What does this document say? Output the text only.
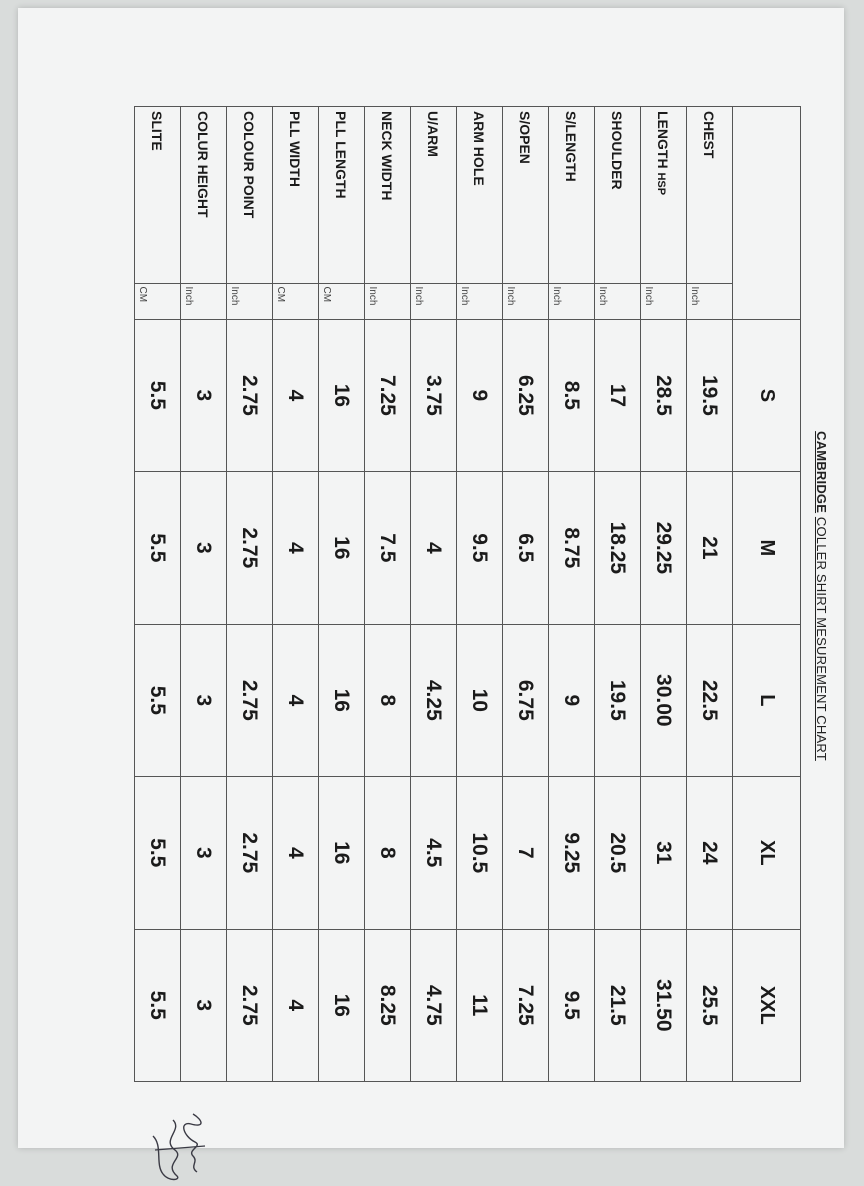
CAMBRIDGE COLLER SHIRT MESUREMENT CHART
		S	M	L	XL	XXL
CHEST	Inch	19.5	21	22.5	24	25.5
LENGTH HSP	Inch	28.5	29.25	30.00	31	31.50
SHOULDER	Inch	17	18.25	19.5	20.5	21.5
S/LENGTH	Inch	8.5	8.75	9	9.25	9.5
S/OPEN	Inch	6.25	6.5	6.75	7	7.25
ARM HOLE	Inch	9	9.5	10	10.5	11
U/ARM	Inch	3.75	4	4.25	4.5	4.75
NECK WIDTH	Inch	7.25	7.5	8	8	8.25
PLL LENGTH	CM	16	16	16	16	16
PLL WIDTH	CM	4	4	4	4	4
COLOUR POINT	Inch	2.75	2.75	2.75	2.75	2.75
COLUR HEIGHT	Inch	3	3	3	3	3
SLITE	CM	5.5	5.5	5.5	5.5	5.5
